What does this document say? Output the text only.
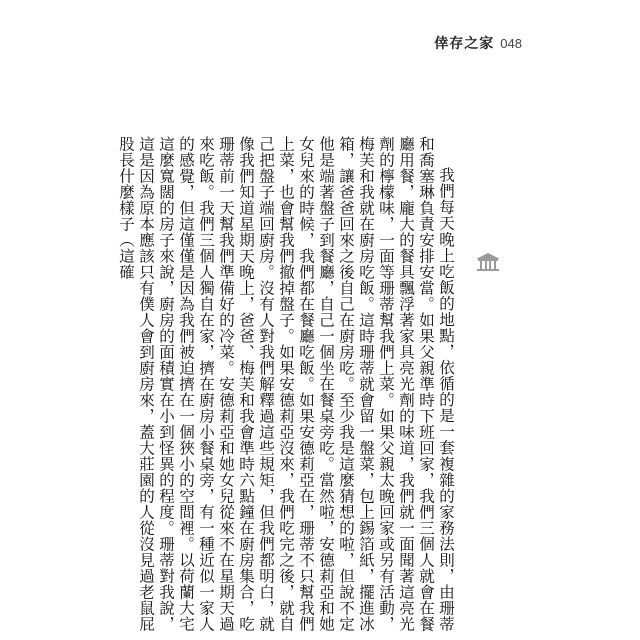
倖存之家 048

我們每天晚上吃飯的地點，依循的是一套複雜的家務法則，由珊蒂和喬塞琳負責安排安當。如果父親準時下班回家，我們三個人就會在餐廳用餐，龐大的餐具飄浮著家具亮光劑的味道，我們就一面聞著這亮光劑的檸檬味，一面等珊蒂幫我們上菜。如果父親太晚回家或另有活動，梅芙和我就在廚房吃飯。這時珊蒂就會留一盤菜，包上錫箔紙，擺進冰箱，讓爸爸回來之後自己在廚房吃。至少我是這麼猜想的啦，但說不定他是端著盤子到餐廳，自己一個坐在餐桌旁吃。當然啦，安德莉亞和她女兒來的時候，我們都在餐廳吃飯。如果安德莉亞在，珊蒂不只幫我們上菜，也會幫我們撤掉盤子。如果安德莉亞沒來，我們吃完之後，就自己把盤子端回廚房。沒有人對我們解釋過這些規矩，但我們都明白，就像我們知道星期天晚上，爸爸、梅芙和我會準時六點鐘在廚房集合，吃珊蒂前一天幫我們準備好的冷菜。安德莉亞和她女兒從來不在星期天過來吃飯。我們三個人獨自在家，擠在廚房小餐桌旁，有一種近似一家人的感覺，但這僅僅是因為我們被迫擠在一個狹小的空間裡。以荷蘭大宅這麼寬闊的房子來說，廚房的面積實在小到怪異的程度。珊蒂對我說，這是因為原本應該只有僕人會到廚房來，蓋大莊園的人從沒見過老鼠屁股長什麼樣子（這確
